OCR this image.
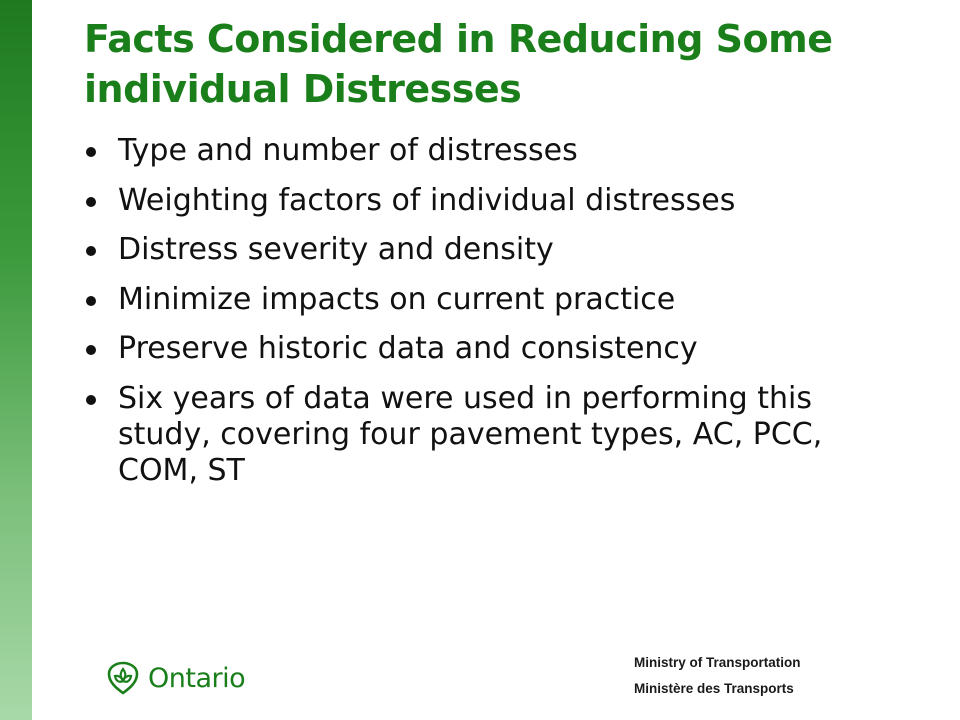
Facts Considered in Reducing Some individual Distresses
Type and number of distresses
Weighting factors of individual distresses
Distress severity and density
Minimize impacts on current practice
Preserve historic data and consistency
Six years of data were used in performing this study, covering four pavement types, AC, PCC, COM, ST
Ontario	Ministry of Transportation
Ministère des Transports
